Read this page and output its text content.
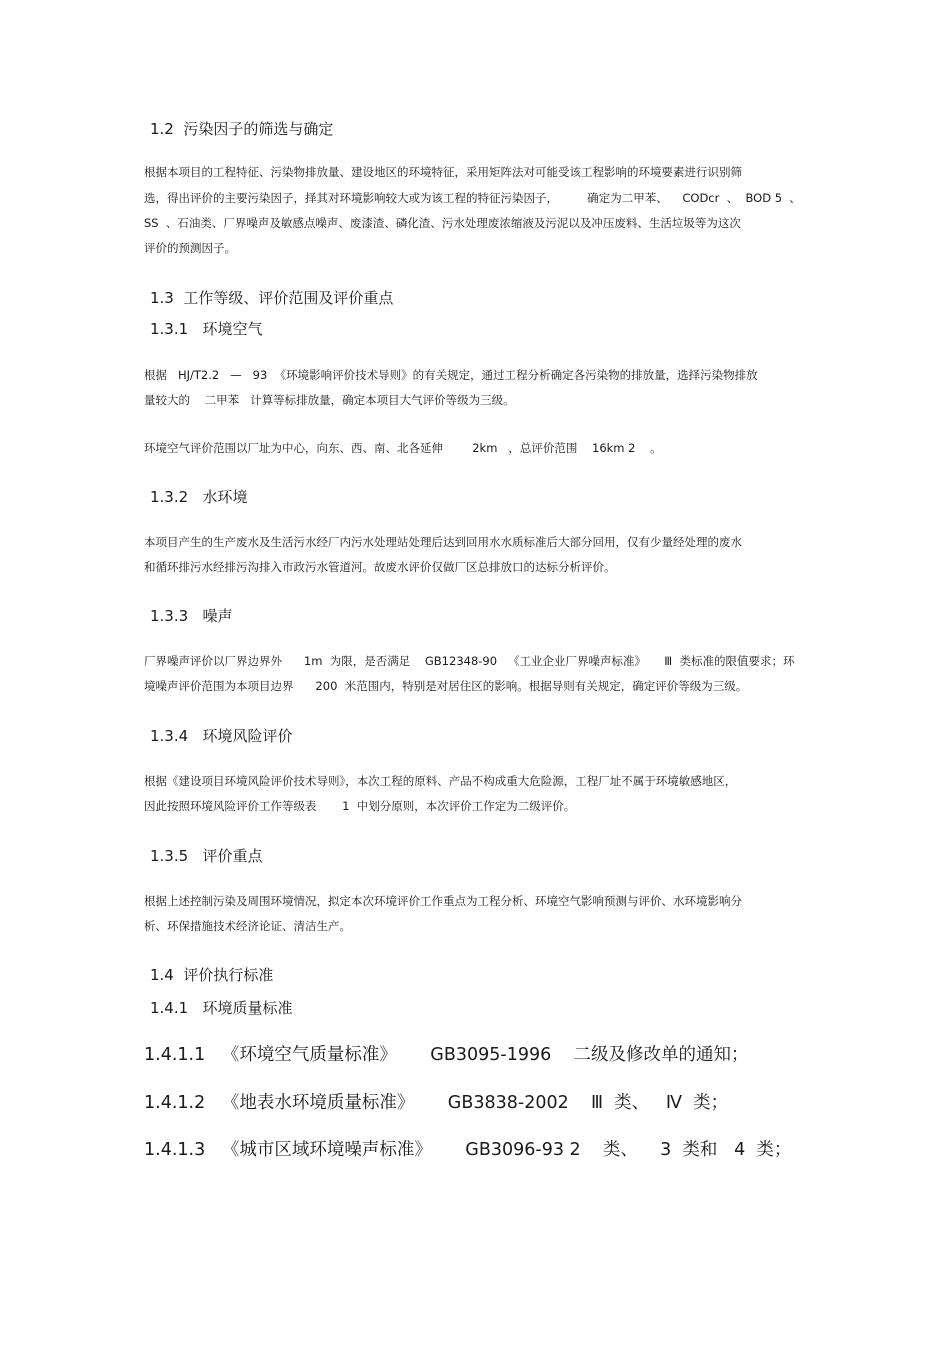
1.2  污染因子的筛选与确定
根据本项目的工程特征、污染物排放量、建设地区的环境特征，采用矩阵法对可能受该工程影响的环境要素进行识别筛
选，得出评价的主要污染因子，择其对环境影响较大或为该工程的特征污染因子，        确定为二甲苯、    CODcr  、  BOD 5  、
SS  、石油类、厂界噪声及敏感点噪声、废漆渣、磷化渣、污水处理废浓缩液及污泥以及冲压废料、生活垃圾等为这次
评价的预测因子。
1.3  工作等级、评价范围及评价重点
1.3.1   环境空气
根据   HJ/T2.2   —   93  《环境影响评价技术导则》的有关规定，通过工程分析确定各污染物的排放量，选择污染物排放
量较大的    二甲苯   计算等标排放量，确定本项目大气评价等级为三级。
环境空气评价范围以厂址为中心，向东、西、南、北各延伸        2km   ，总评价范围    16km 2    。
1.3.2   水环境
本项目产生的生产废水及生活污水经厂内污水处理站处理后达到回用水水质标准后大部分回用，仅有少量经处理的废水
和循环排污水经排污沟排入市政污水管道河。故废水评价仅做厂区总排放口的达标分析评价。
1.3.3   噪声
厂界噪声评价以厂界边界外      1m  为限，是否满足    GB12348-90   《工业企业厂界噪声标准》     Ⅲ  类标准的限值要求；环
境噪声评价范围为本项目边界      200  米范围内，特别是对居住区的影响。根据导则有关规定，确定评价等级为三级。
1.3.4   环境风险评价
根据《建设项目环境风险评价技术导则》，本次工程的原料、产品不构成重大危险源，工程厂址不属于环境敏感地区，
因此按照环境风险评价工作等级表       1  中划分原则，本次评价工作定为二级评价。
1.3.5   评价重点
根据上述控制污染及周围环境情况，拟定本次环境评价工作重点为工程分析、环境空气影响预测与评价、水环境影响分
析、环保措施技术经济论证、清洁生产。
1.4  评价执行标准
1.4.1   环境质量标准
1.4.1.1   《环境空气质量标准》      GB3095-1996    二级及修改单的通知；
1.4.1.2   《地表水环境质量标准》      GB3838-2002    Ⅲ  类、   Ⅳ  类；
1.4.1.3   《城市区域环境噪声标准》      GB3096-93 2    类、    3  类和   4  类；
